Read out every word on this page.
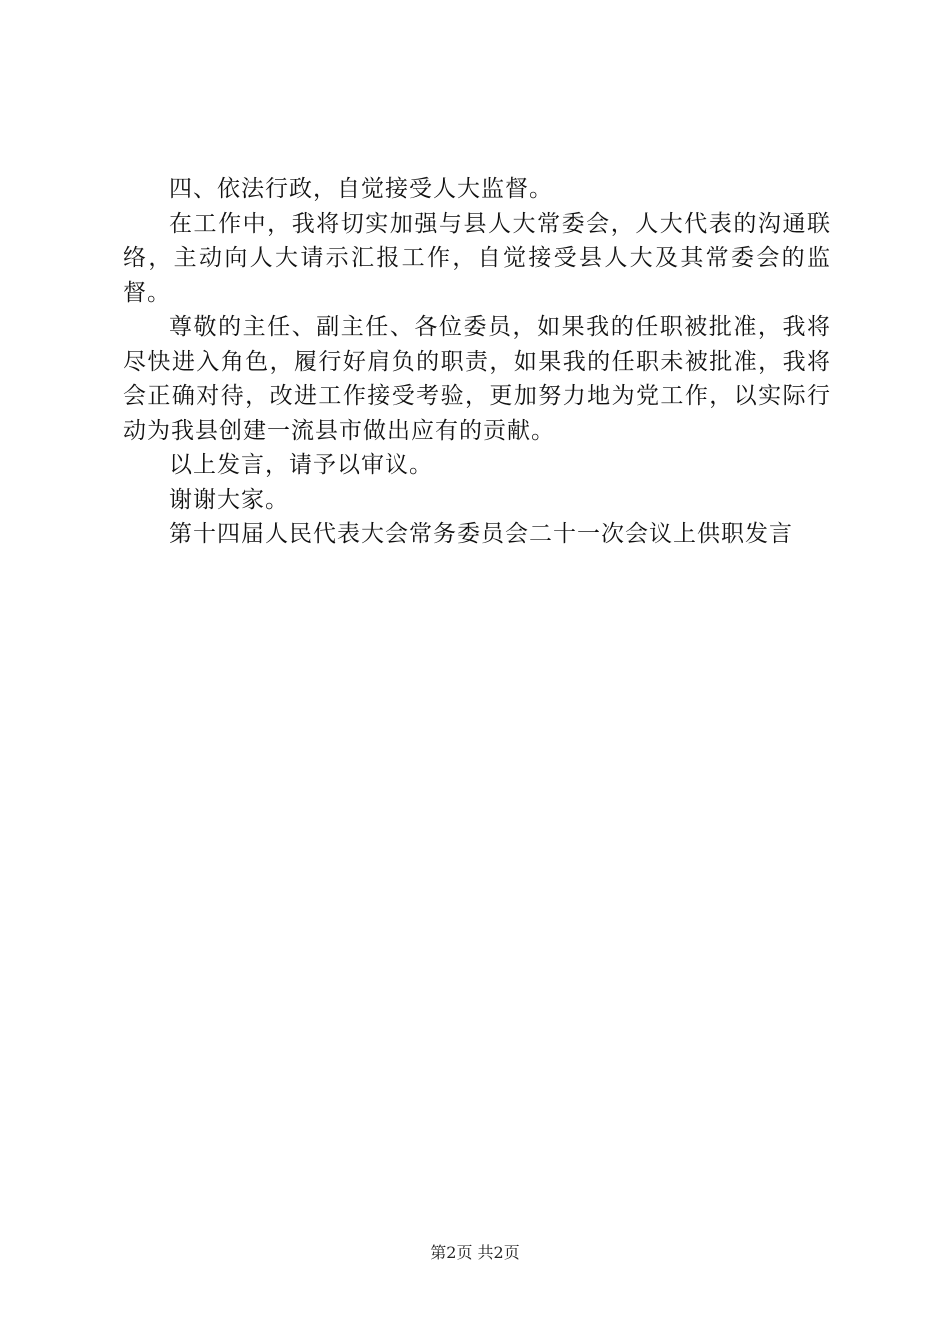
四、依法行政，自觉接受人大监督。

在工作中，我将切实加强与县人大常委会，人大代表的沟通联络，主动向人大请示汇报工作，自觉接受县人大及其常委会的监督。

尊敬的主任、副主任、各位委员，如果我的任职被批准，我将尽快进入角色，履行好肩负的职责，如果我的任职未被批准，我将会正确对待，改进工作接受考验，更加努力地为党工作，以实际行动为我县创建一流县市做出应有的贡献。

以上发言，请予以审议。

谢谢大家。

第十四届人民代表大会常务委员会二十一次会议上供职发言

第2页 共2页
